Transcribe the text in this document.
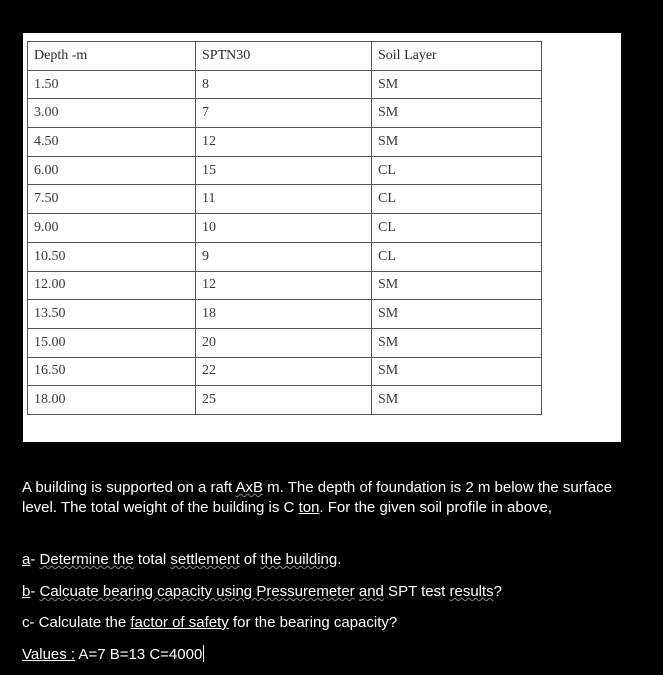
Depth -m	SPTN30	Soil Layer
1.50	8	SM
3.00	7	SM
4.50	12	SM
6.00	15	CL
7.50	11	CL
9.00	10	CL
10.50	9	CL
12.00	12	SM
13.50	18	SM
15.00	20	SM
16.50	22	SM
18.00	25	SM

A building is supported on a raft AxB m. The depth of foundation is 2 m below the surface level. The total weight of the building is C ton. For the given soil profile in above,

a- Determine the total settlement of the building.
b- Calcuate bearing capacity using Pressuremeter and SPT test results?
c- Calculate the factor of safety for the bearing capacity?
Values : A=7 B=13 C=4000
